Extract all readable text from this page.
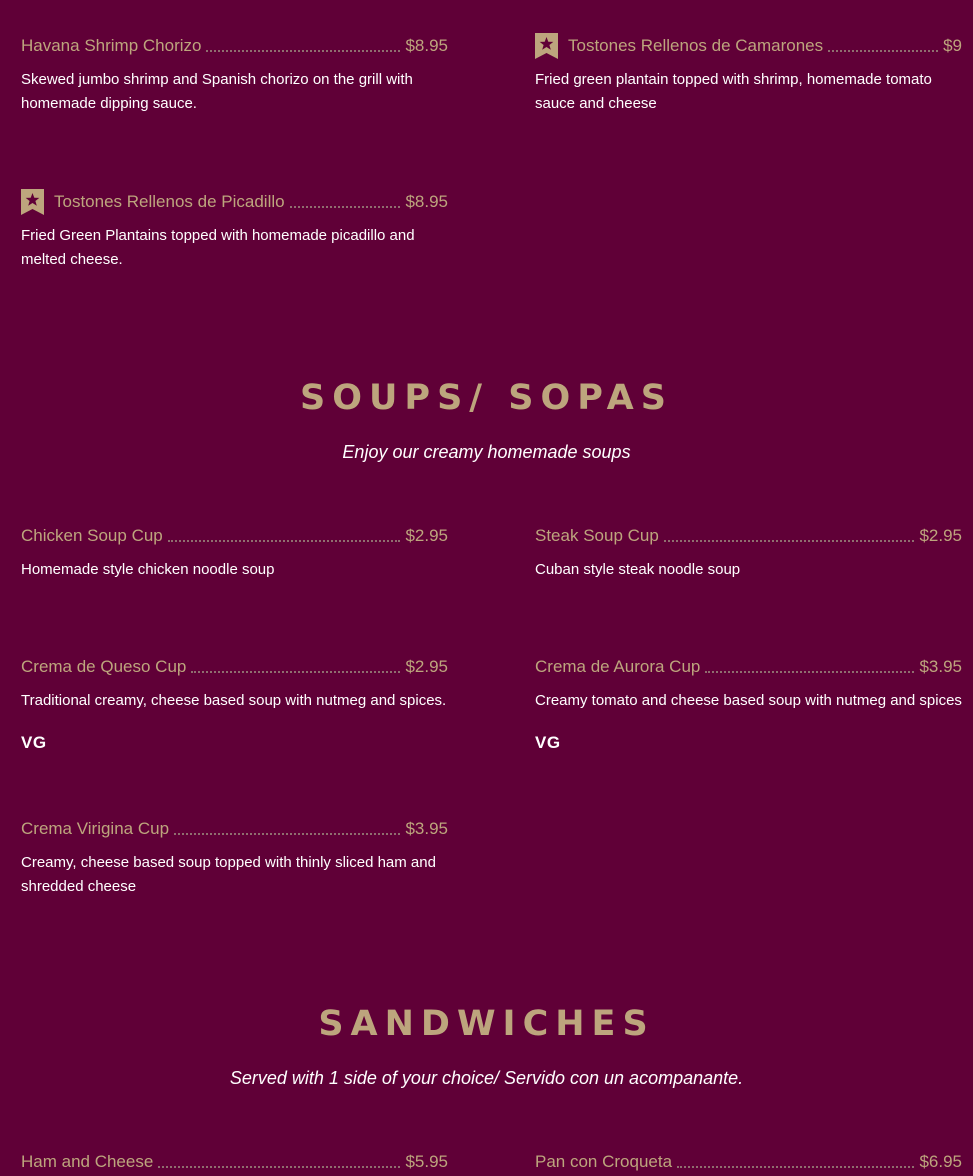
Havana Shrimp Chorizo	$8.95
Skewed jumbo shrimp and Spanish chorizo on the grill with homemade dipping sauce.
Tostones Rellenos de Camarones	$9
Fried green plantain topped with shrimp, homemade tomato sauce and cheese
Tostones Rellenos de Picadillo	$8.95
Fried Green Plantains topped with homemade picadillo and melted cheese.
SOUPS/ SOPAS

Enjoy our creamy homemade soups

Chicken Soup Cup	$2.95
Homemade style chicken noodle soup
Steak Soup Cup	$2.95
Cuban style steak noodle soup
Crema de Queso Cup	$2.95
Traditional creamy, cheese based soup with nutmeg and spices.
VG
Crema de Aurora Cup	$3.95
Creamy tomato and cheese based soup with nutmeg and spices
VG
Crema Virigina Cup	$3.95
Creamy, cheese based soup topped with thinly sliced ham and shredded cheese
SANDWICHES

Served with 1 side of your choice/ Servido con un acompanante.

Ham and Cheese	$5.95	Pan con Croqueta	$6.95
